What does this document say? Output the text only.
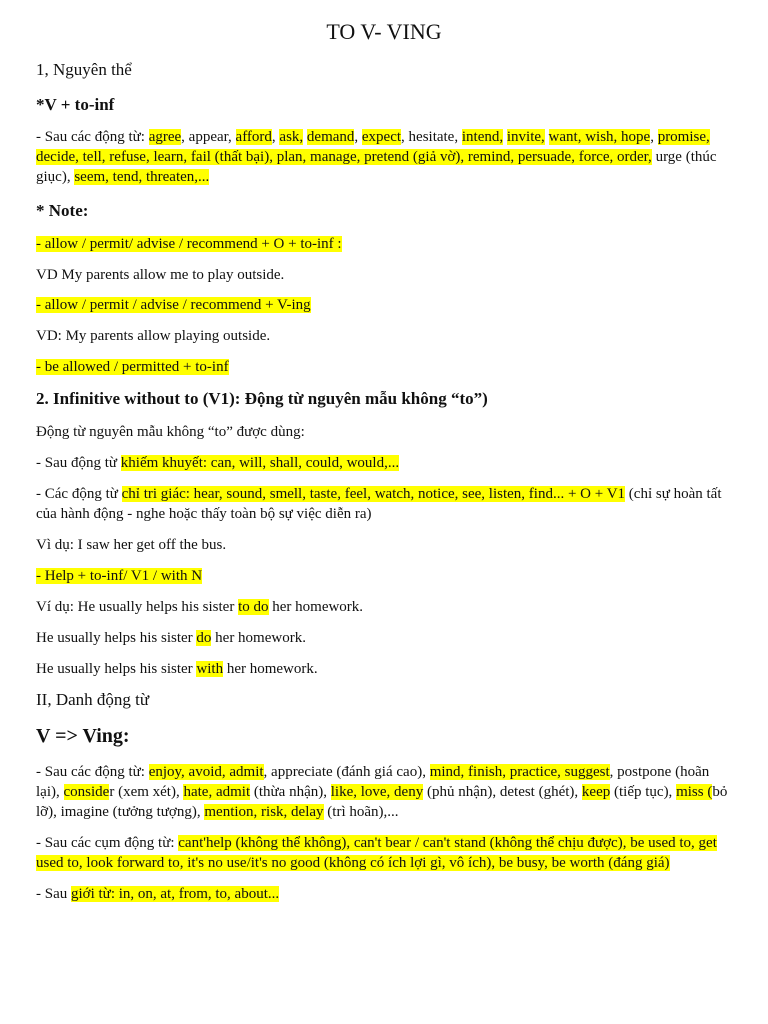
TO V- VING
1, Nguyên thể
*V + to-inf
- Sau các động từ: agree, appear, afford, ask, demand, expect, hesitate, intend, invite, want, wish, hope, promise, decide, tell, refuse, learn, fail (thất bại), plan, manage, pretend (giả vờ), remind, persuade, force, order, urge (thúc giục), seem, tend, threaten,...
* Note:
- allow / permit/ advise / recommend + O + to-inf :
VD My parents allow me to play outside.
- allow / permit / advise / recommend + V-ing
VD: My parents allow playing outside.
- be allowed / permitted + to-inf
2. Infinitive without to (V1): Động từ nguyên mẫu không “to”)
Động từ nguyên mẫu không “to” được dùng:
- Sau động từ khiếm khuyết: can, will, shall, could, would,...
- Các động từ chỉ tri giác: hear, sound, smell, taste, feel, watch, notice, see, listen, find... + O + V1 (chỉ sự hoàn tất của hành động - nghe hoặc thấy toàn bộ sự việc diễn ra)
Vì dụ: I saw her get off the bus.
- Help + to-inf/ V1 / with N
Ví dụ: He usually helps his sister to do her homework.
He usually helps his sister do her homework.
He usually helps his sister with her homework.
II, Danh động từ
V => Ving:
- Sau các động từ: enjoy, avoid, admit, appreciate (đánh giá cao), mind, finish, practice, suggest, postpone (hoãn lại), consider (xem xét), hate, admit (thừa nhận), like, love, deny (phủ nhận), detest (ghét), keep (tiếp tục), miss (bỏ lỡ), imagine (tưởng tượng), mention, risk, delay (trì hoãn),...
- Sau các cụm động từ: cant'help (không thể không), can't bear / can't stand (không thể chịu được), be used to, get used to, look forward to, it's no use/it's no good (không có ích lợi gì, vô ích), be busy, be worth (đáng giá)
- Sau giới từ: in, on, at, from, to, about...
